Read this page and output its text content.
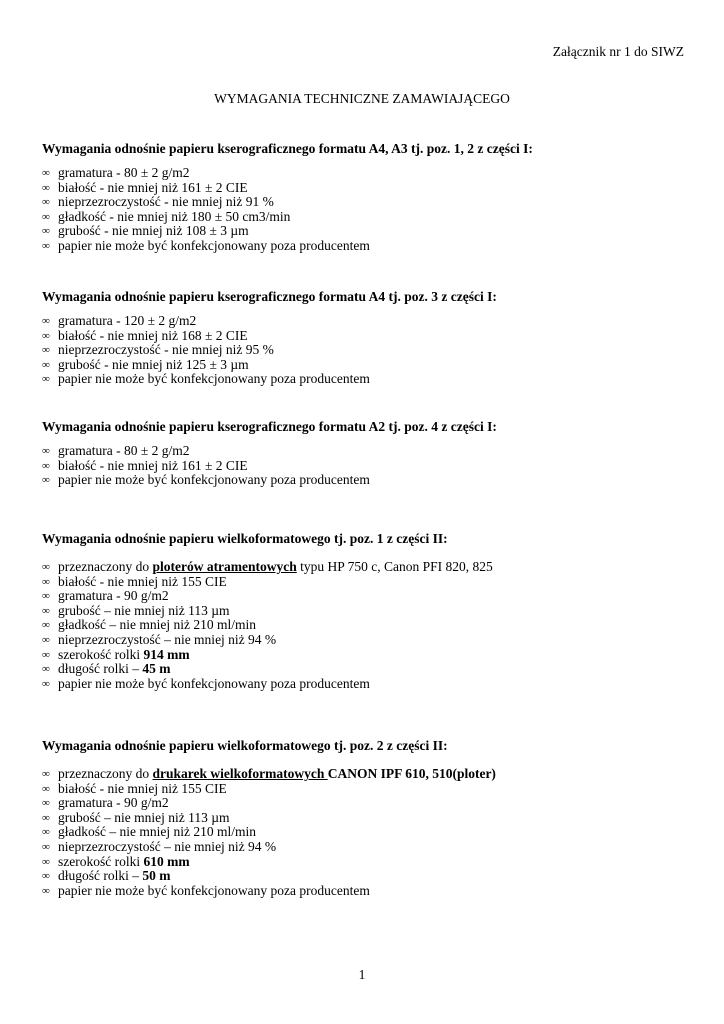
Załącznik nr 1 do SIWZ
WYMAGANIA TECHNICZNE ZAMAWIAJĄCEGO
Wymagania odnośnie papieru kserograficznego formatu A4, A3 tj. poz. 1, 2 z części I:
∞ gramatura - 80 ± 2 g/m2
∞ białość - nie mniej niż 161 ± 2 CIE
∞ nieprzezroczystość - nie mniej niż 91 %
∞ gładkość - nie mniej niż 180 ± 50 cm3/min
∞ grubość - nie mniej niż 108 ± 3 µm
∞ papier nie może być konfekcjonowany poza producentem
Wymagania odnośnie papieru kserograficznego formatu A4 tj. poz. 3 z części I:
∞ gramatura - 120 ± 2 g/m2
∞ białość - nie mniej niż 168 ± 2 CIE
∞ nieprzezroczystość - nie mniej niż 95 %
∞ grubość - nie mniej niż 125 ± 3 µm
∞ papier nie może być konfekcjonowany poza producentem
Wymagania odnośnie papieru kserograficznego formatu A2 tj. poz. 4 z części I:
∞ gramatura - 80 ± 2 g/m2
∞ białość - nie mniej niż 161 ± 2 CIE
∞ papier nie może być konfekcjonowany poza producentem
Wymagania odnośnie papieru wielkoformatowego tj. poz. 1 z części II:
∞ przeznaczony do ploterów atramentowych typu HP 750 c, Canon PFI 820, 825
∞ białość - nie mniej niż 155 CIE
∞ gramatura - 90 g/m2
∞ grubość – nie mniej niż 113 µm
∞ gładkość – nie mniej niż 210 ml/min
∞ nieprzezroczystość – nie mniej niż 94 %
∞ szerokość rolki 914 mm
∞ długość rolki – 45 m
∞ papier nie może być konfekcjonowany poza producentem
Wymagania odnośnie papieru wielkoformatowego tj. poz. 2 z części II:
∞ przeznaczony do drukarek wielkoformatowych CANON IPF 610, 510(ploter)
∞ białość - nie mniej niż 155 CIE
∞ gramatura - 90 g/m2
∞ grubość – nie mniej niż 113 µm
∞ gładkość – nie mniej niż 210 ml/min
∞ nieprzezroczystość – nie mniej niż 94 %
∞ szerokość rolki 610 mm
∞ długość rolki – 50 m
∞ papier nie może być konfekcjonowany poza producentem
1
